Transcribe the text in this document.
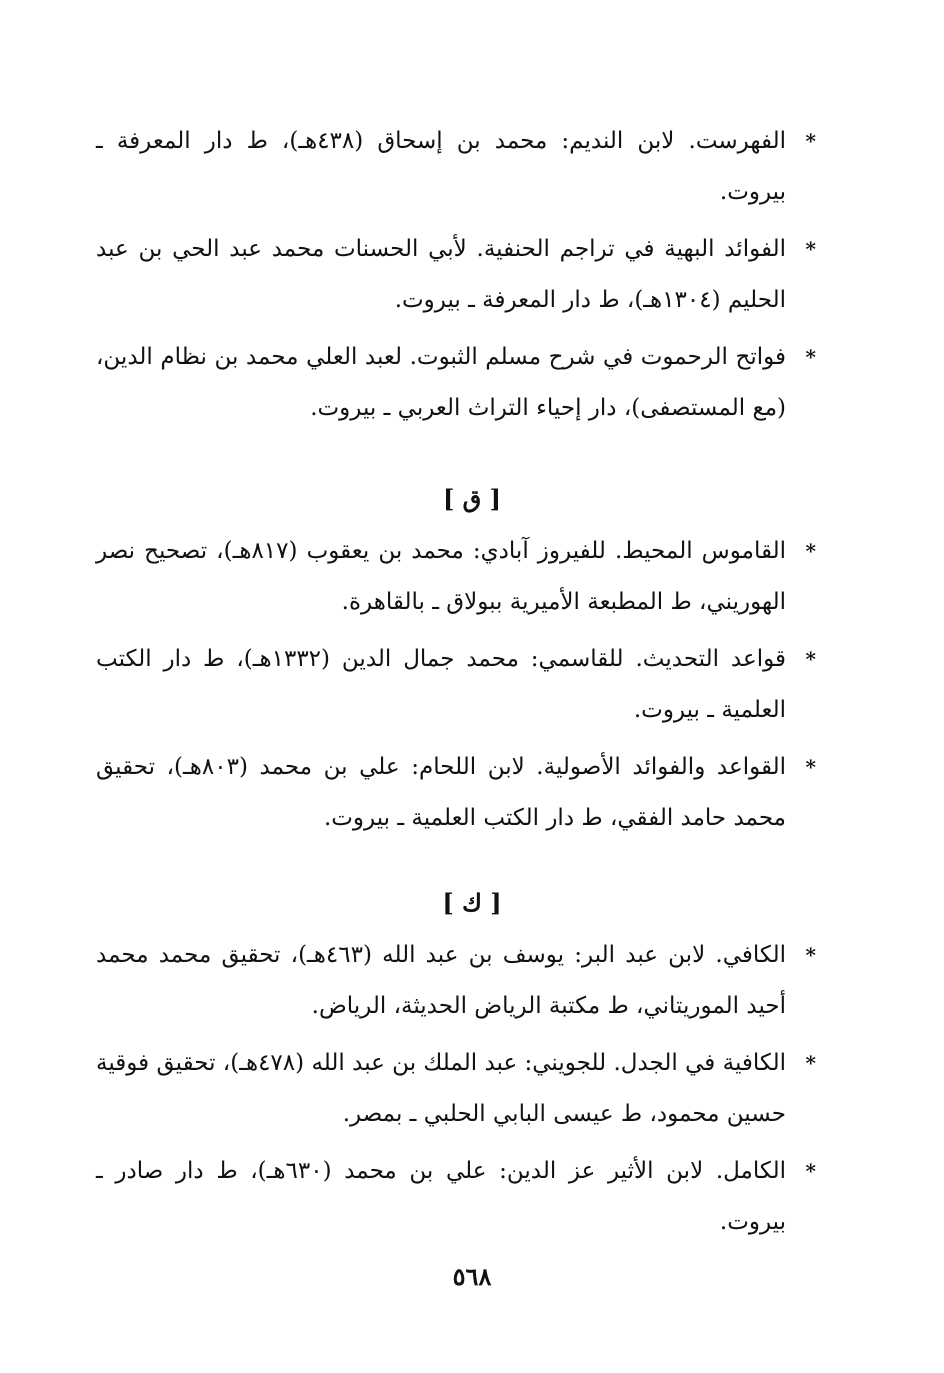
*
الفهرست. لابن النديم: محمد بن إسحاق (٤٣٨هـ)، ط دار المعرفة ـ بيروت.
*
الفوائد البهية في تراجم الحنفية. لأبي الحسنات محمد عبد الحي بن عبد الحليم (١٣٠٤هـ)، ط دار المعرفة ـ بيروت.
*
فواتح الرحموت في شرح مسلم الثبوت. لعبد العلي محمد بن نظام الدين، (مع المستصفى)، دار إحياء التراث العربي ـ بيروت.
[ ق ]
*
القاموس المحيط. للفيروز آبادي: محمد بن يعقوب (٨١٧هـ)، تصحيح نصر الهوريني، ط المطبعة الأميرية ببولاق ـ بالقاهرة.
*
قواعد التحديث. للقاسمي: محمد جمال الدين (١٣٣٢هـ)، ط دار الكتب العلمية ـ بيروت.
*
القواعد والفوائد الأصولية. لابن اللحام: علي بن محمد (٨٠٣هـ)، تحقيق محمد حامد الفقي، ط دار الكتب العلمية ـ بيروت.
[ ك ]
*
الكافي. لابن عبد البر: يوسف بن عبد الله (٤٦٣هـ)، تحقيق محمد محمد أحيد الموريتاني، ط مكتبة الرياض الحديثة، الرياض.
*
الكافية في الجدل. للجويني: عبد الملك بن عبد الله (٤٧٨هـ)، تحقيق فوقية حسين محمود، ط عيسى البابي الحلبي ـ بمصر.
*
الكامل. لابن الأثير عز الدين: علي بن محمد (٦٣٠هـ)، ط دار صادر ـ بيروت.
٥٦٨
